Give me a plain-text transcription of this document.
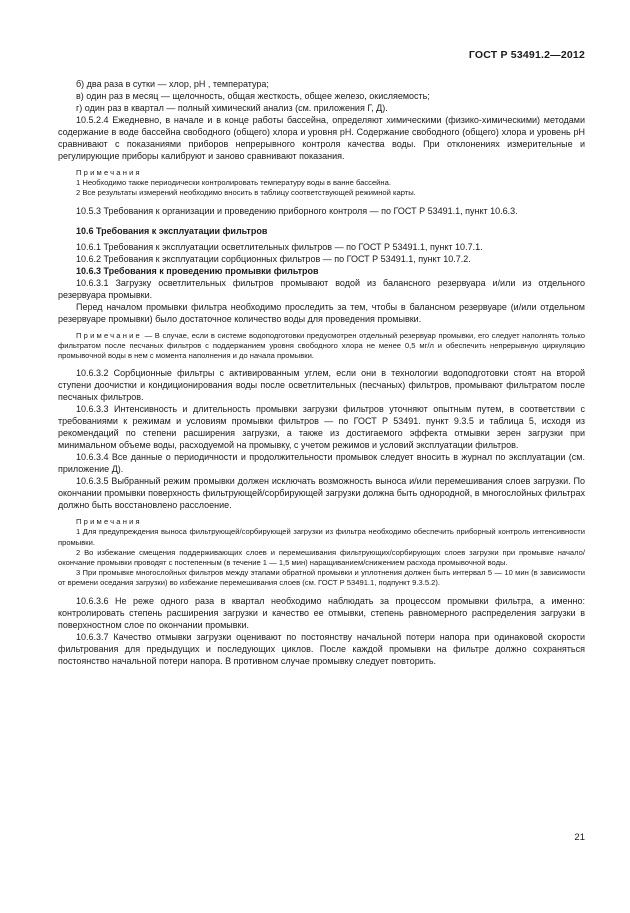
ГОСТ Р 53491.2—2012

б) два раза в сутки — хлор, рН , температура;

в) один раз в месяц — щелочность, общая жесткость, общее железо, окисляемость;

г) один раз в квартал — полный химический анализ (см. приложения Г, Д).

10.5.2.4 Ежедневно, в начале и в конце работы бассейна, определяют химическими (физико-химическими) методами содержание в воде бассейна свободного (общего) хлора и уровня рН. Содержание свободного (общего) хлора и уровень рН сравнивают с показаниями приборов непрерывного контроля качества воды. При отклонениях измерительные и регулирующие приборы калибруют и заново сравнивают показания.

Примечания

1 Необходимо также периодически контролировать температуру воды в ванне бассейна.

2 Все результаты измерений необходимо вносить в таблицу соответствующей режимной карты.

10.5.3 Требования к организации и проведению приборного контроля — по ГОСТ Р 53491.1, пункт 10.6.3.

10.6 Требования к эксплуатации фильтров

10.6.1 Требования к эксплуатации осветлительных фильтров — по ГОСТ Р 53491.1, пункт 10.7.1.

10.6.2 Требования к эксплуатации сорбционных фильтров — по ГОСТ Р 53491.1, пункт 10.7.2.

10.6.3 Требования к проведению промывки фильтров

10.6.3.1 Загрузку осветлительных фильтров промывают водой из балансного резервуара и/или из отдельного резервуара промывки.

Перед началом промывки фильтра необходимо проследить за тем, чтобы в балансном резервуаре (и/или отдельном резервуаре промывки) было достаточное количество воды для проведения промывки.

Примечание — В случае, если в системе водоподготовки предусмотрен отдельный резервуар промывки, его следует наполнять только фильтратом после песчаных фильтров с поддержанием уровня свободного хлора не менее 0,5 мг/л и обеспечить непрерывную циркуляцию промывочной воды в нем с момента наполнения и до начала промывки.

10.6.3.2 Сорбционные фильтры с активированным углем, если они в технологии водоподготовки стоят на второй ступени доочистки и кондиционирования воды после осветлительных (песчаных) фильтров, промывают фильтратом после песчаных фильтров.

10.6.3.3 Интенсивность и длительность промывки загрузки фильтров уточняют опытным путем, в соответствии с требованиями к режимам и условиям промывки фильтров — по ГОСТ Р 53491. пункт 9.3.5 и таблица 5, исходя из рекомендаций по степени расширения загрузки, а также из достигаемого эффекта отмывки зерен загрузки при минимальном объеме воды, расходуемой на промывку, с учетом режимов и условий эксплуатации фильтров.

10.6.3.4 Все данные о периодичности и продолжительности промывок следует вносить в журнал по эксплуатации (см. приложение Д).

10.6.3.5 Выбранный режим промывки должен исключать возможность выноса и/или перемешивания слоев загрузки. По окончании промывки поверхность фильтрующей/сорбирующей загрузки должна быть однородной, в многослойных фильтрах должно быть восстановлено расслоение.

Примечания

1 Для предупреждения выноса фильтрующей/сорбирующей загрузки из фильтра необходимо обеспечить приборный контроль интенсивности промывки.

2 Во избежание смещения поддерживающих слоев и перемешивания фильтрующих/сорбирующих слоев загрузки при промывке начало/окончание промывки проводят с постепенным (в течение 1 — 1,5 мин) наращиванием/снижением расхода промывочной воды.

3 При промывке многослойных фильтров между этапами обратной промывки и уплотнения должен быть интервал 5 — 10 мин (в зависимости от времени оседания загрузки) во избежание перемешивания слоев (см. ГОСТ Р 53491.1, подпункт 9.3.5.2).

10.6.3.6 Не реже одного раза в квартал необходимо наблюдать за процессом промывки фильтра, а именно: контролировать степень расширения загрузки и качество ее отмывки, степень равномерного распределения загрузки в поверхностном слое по окончании промывки.

10.6.3.7 Качество отмывки загрузки оценивают по постоянству начальной потери напора при одинаковой скорости фильтрования для предыдущих и последующих циклов. После каждой промывки на фильтре должно сохраняться постоянство начальной потери напора. В противном случае промывку следует повторить.

21
